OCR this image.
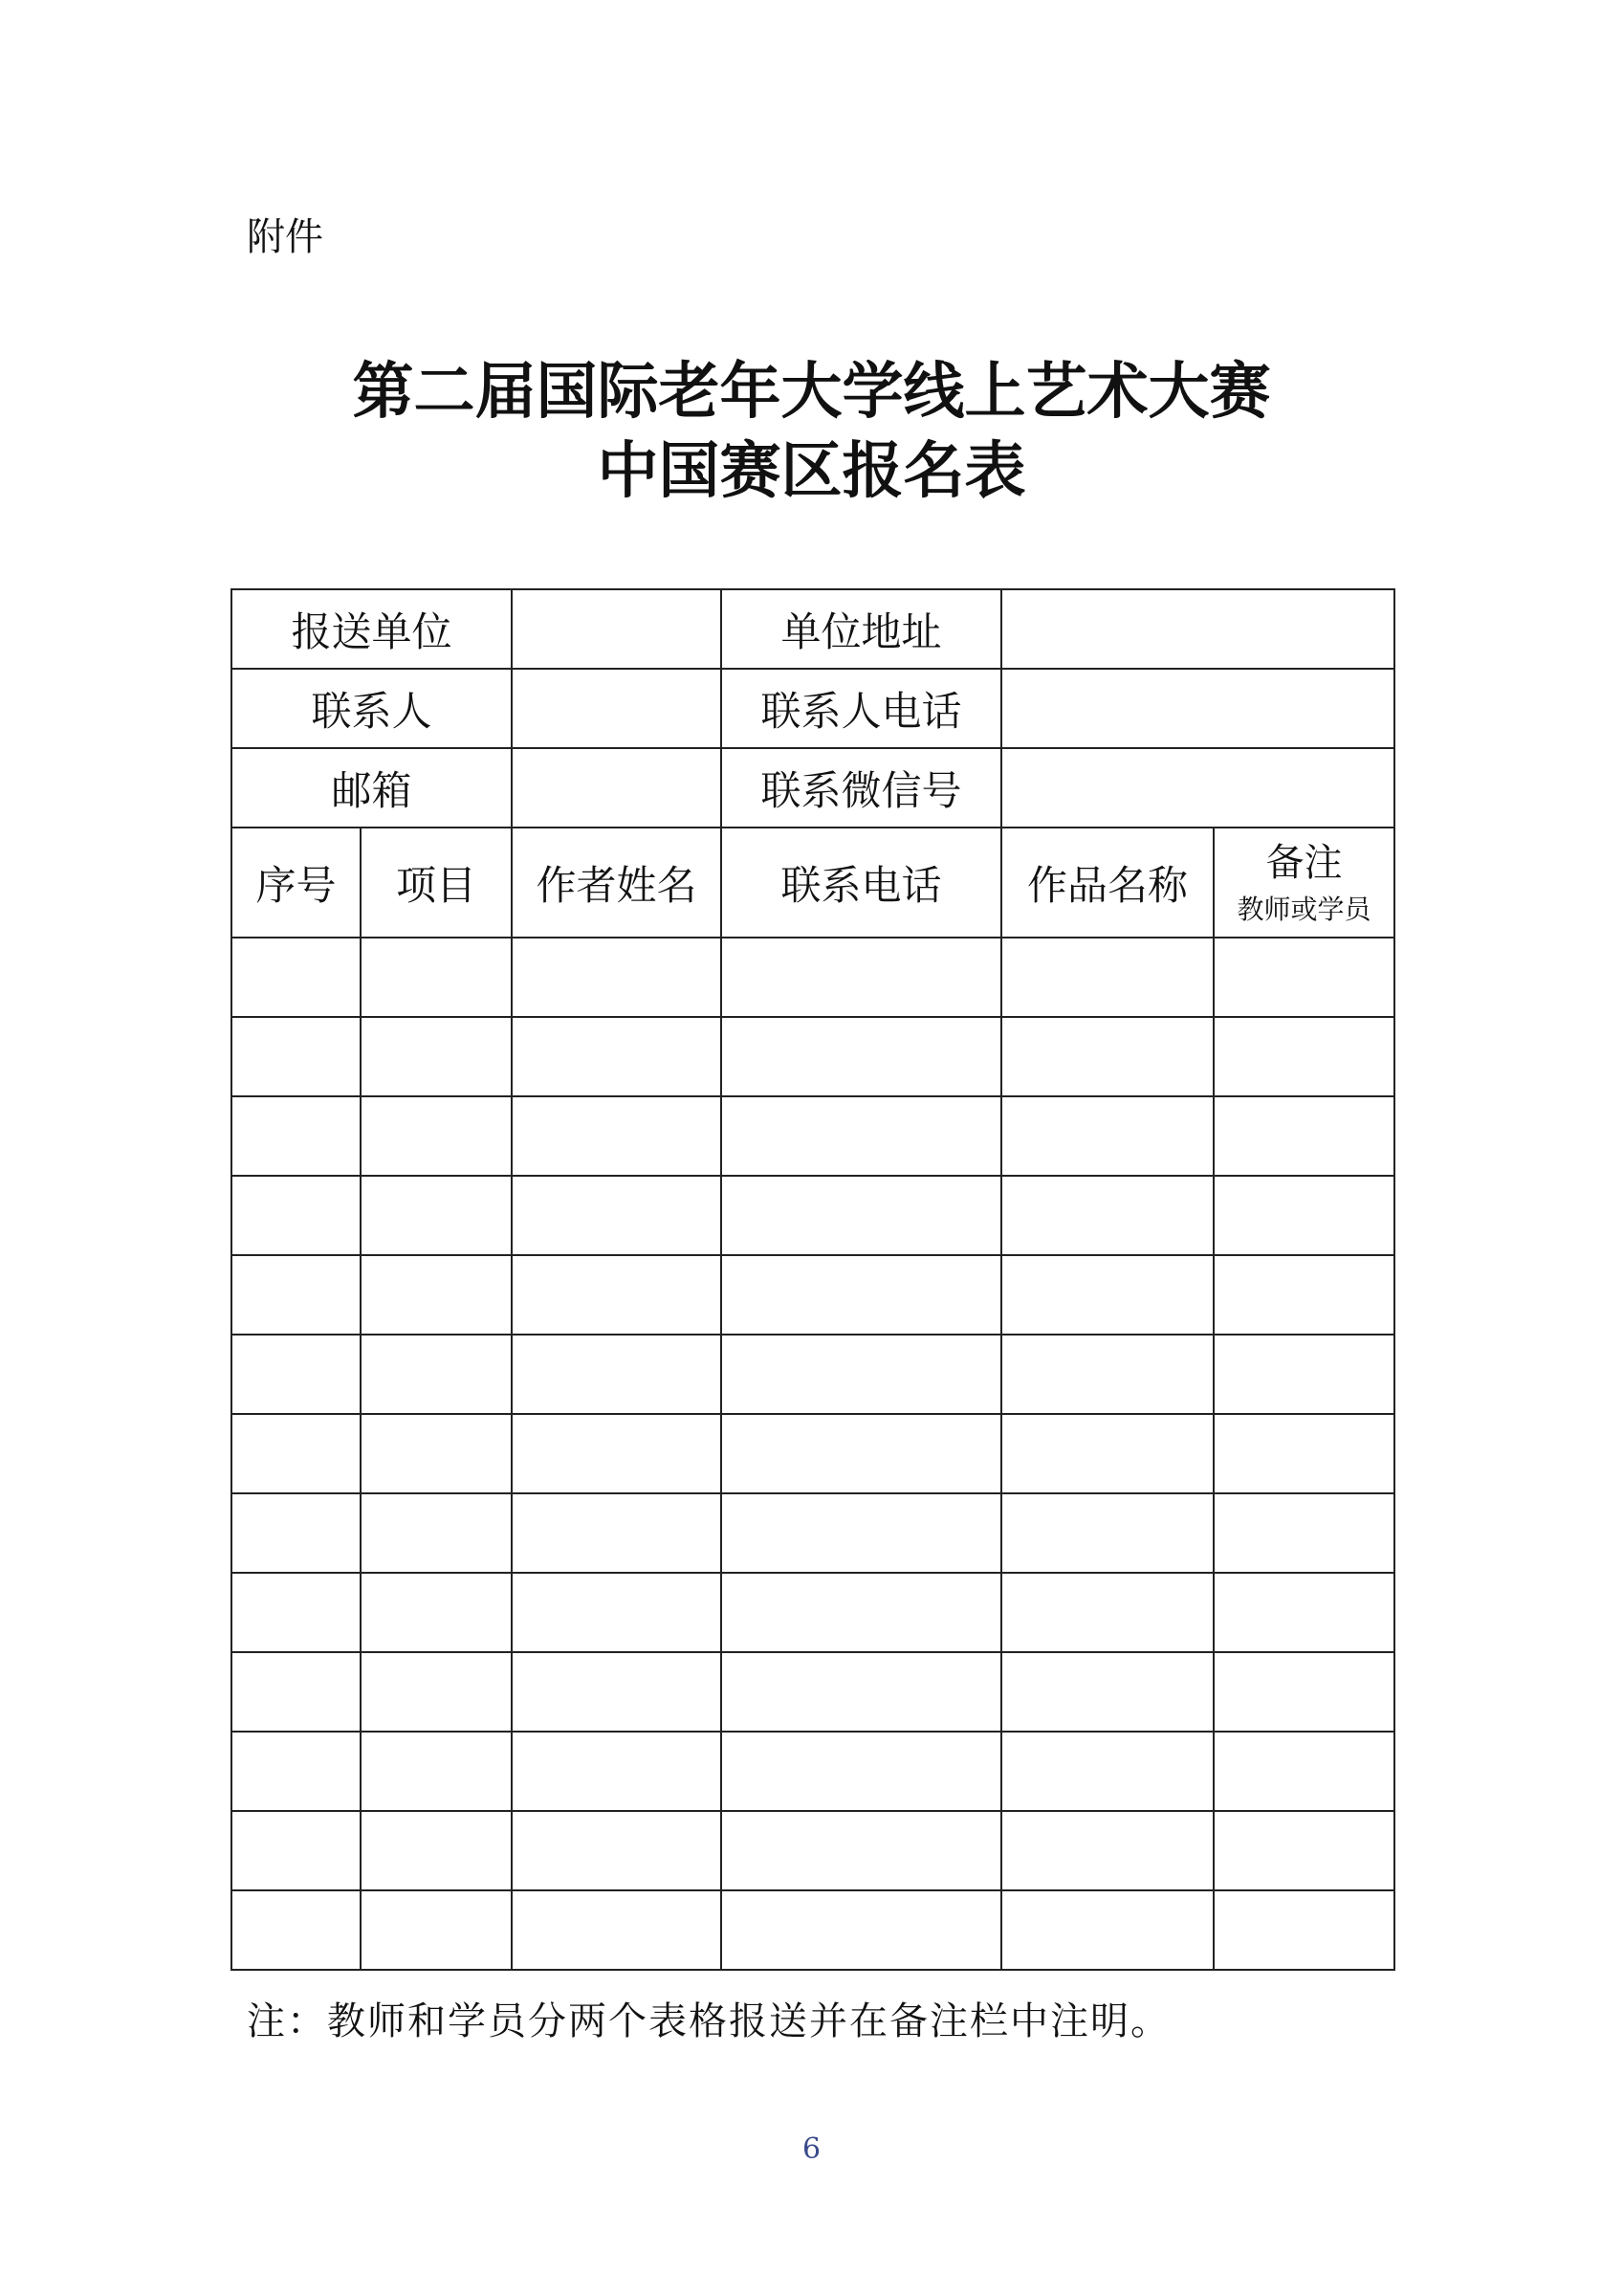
附件
第二届国际老年大学线上艺术大赛
中国赛区报名表
报送单位			单位地址		
联系人			联系人电话		
邮箱			联系微信号		
序号	项目	作者姓名	联系电话	作品名称	备注
教师或学员

注：教师和学员分两个表格报送并在备注栏中注明。
6
